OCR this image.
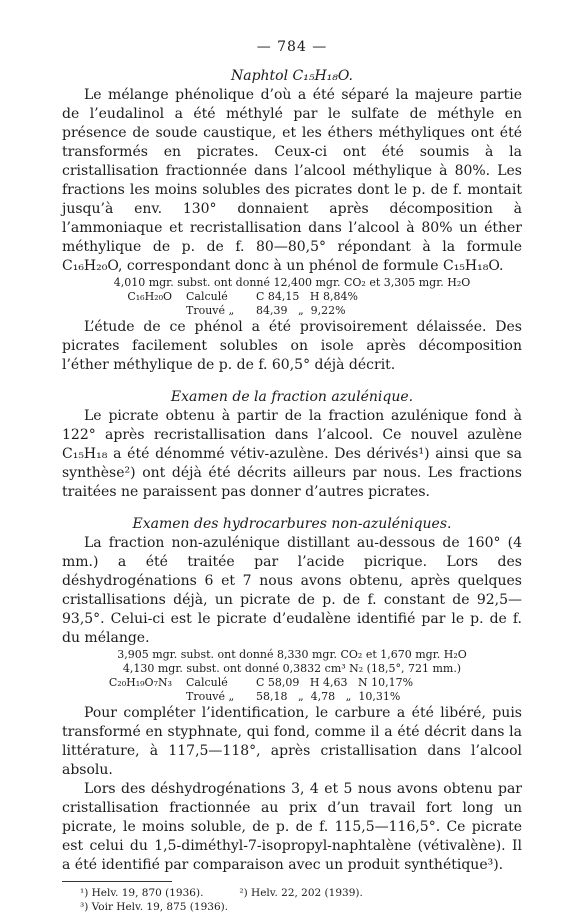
— 784 —
Naphtol C₁₅H₁₈O.

Le mélange phénolique d’où a été séparé la majeure partie de l’eudalinol a été méthylé par le sulfate de méthyle en présence de soude caustique, et les éthers méthyliques ont été transformés en picrates. Ceux-ci ont été soumis à la cristallisation fractionnée dans l’alcool méthylique à 80%. Les fractions les moins solubles des picrates dont le p. de f. montait jusqu’à env. 130° donnaient après décomposition à l’ammoniaque et recristallisation dans l’alcool à 80% un éther méthylique de p. de f. 80—80,5° répondant à la formule C₁₆H₂₀O, correspondant donc à un phénol de formule C₁₅H₁₈O.

4,010 mgr. subst. ont donné 12,400 mgr. CO₂ et 3,305 mgr. H₂O
C₁₆H₂₀O	Calculé	C 84,15   H 8,84%
Trouvé „	84,39   „  9,22%

L’étude de ce phénol a été provisoirement délaissée. Des picrates facilement solubles on isole après décomposition l’éther méthylique de p. de f. 60,5° déjà décrit.

Examen de la fraction azulénique.

Le picrate obtenu à partir de la fraction azulénique fond à 122° après recristallisation dans l’alcool. Ce nouvel azulène C₁₅H₁₈ a été dénommé vétiv-azulène. Des dérivés¹) ainsi que sa synthèse²) ont déjà été décrits ailleurs par nous. Les fractions traitées ne paraissent pas donner d’autres picrates.

Examen des hydrocarbures non-azuléniques.

La fraction non-azulénique distillant au-dessous de 160° (4 mm.) a été traitée par l’acide picrique. Lors des déshydrogénations 6 et 7 nous avons obtenu, après quelques cristallisations déjà, un picrate de p. de f. constant de 92,5—93,5°. Celui-ci est le picrate d’eudalène identifié par le p. de f. du mélange.

3,905 mgr. subst. ont donné 8,330 mgr. CO₂ et 1,670 mgr. H₂O
4,130 mgr. subst. ont donné 0,3832 cm³ N₂ (18,5°, 721 mm.)
C₂₀H₁₉O₇N₃	Calculé	C 58,09   H 4,63   N 10,17%
Trouvé „	58,18   „  4,78   „  10,31%

Pour compléter l’identification, le carbure a été libéré, puis transformé en styphnate, qui fond, comme il a été décrit dans la littérature, à 117,5—118°, après cristallisation dans l’alcool absolu.

Lors des déshydrogénations 3, 4 et 5 nous avons obtenu par cristallisation fractionnée au prix d’un travail fort long un picrate, le moins soluble, de p. de f. 115,5—116,5°. Ce picrate est celui du 1,5-diméthyl-7-isopropyl-naphtalène (vétivalène). Il a été identifié par comparaison avec un produit synthétique³).

¹) Helv. 19, 870 (1936).	²) Helv. 22, 202 (1939).
³) Voir Helv. 19, 875 (1936).
